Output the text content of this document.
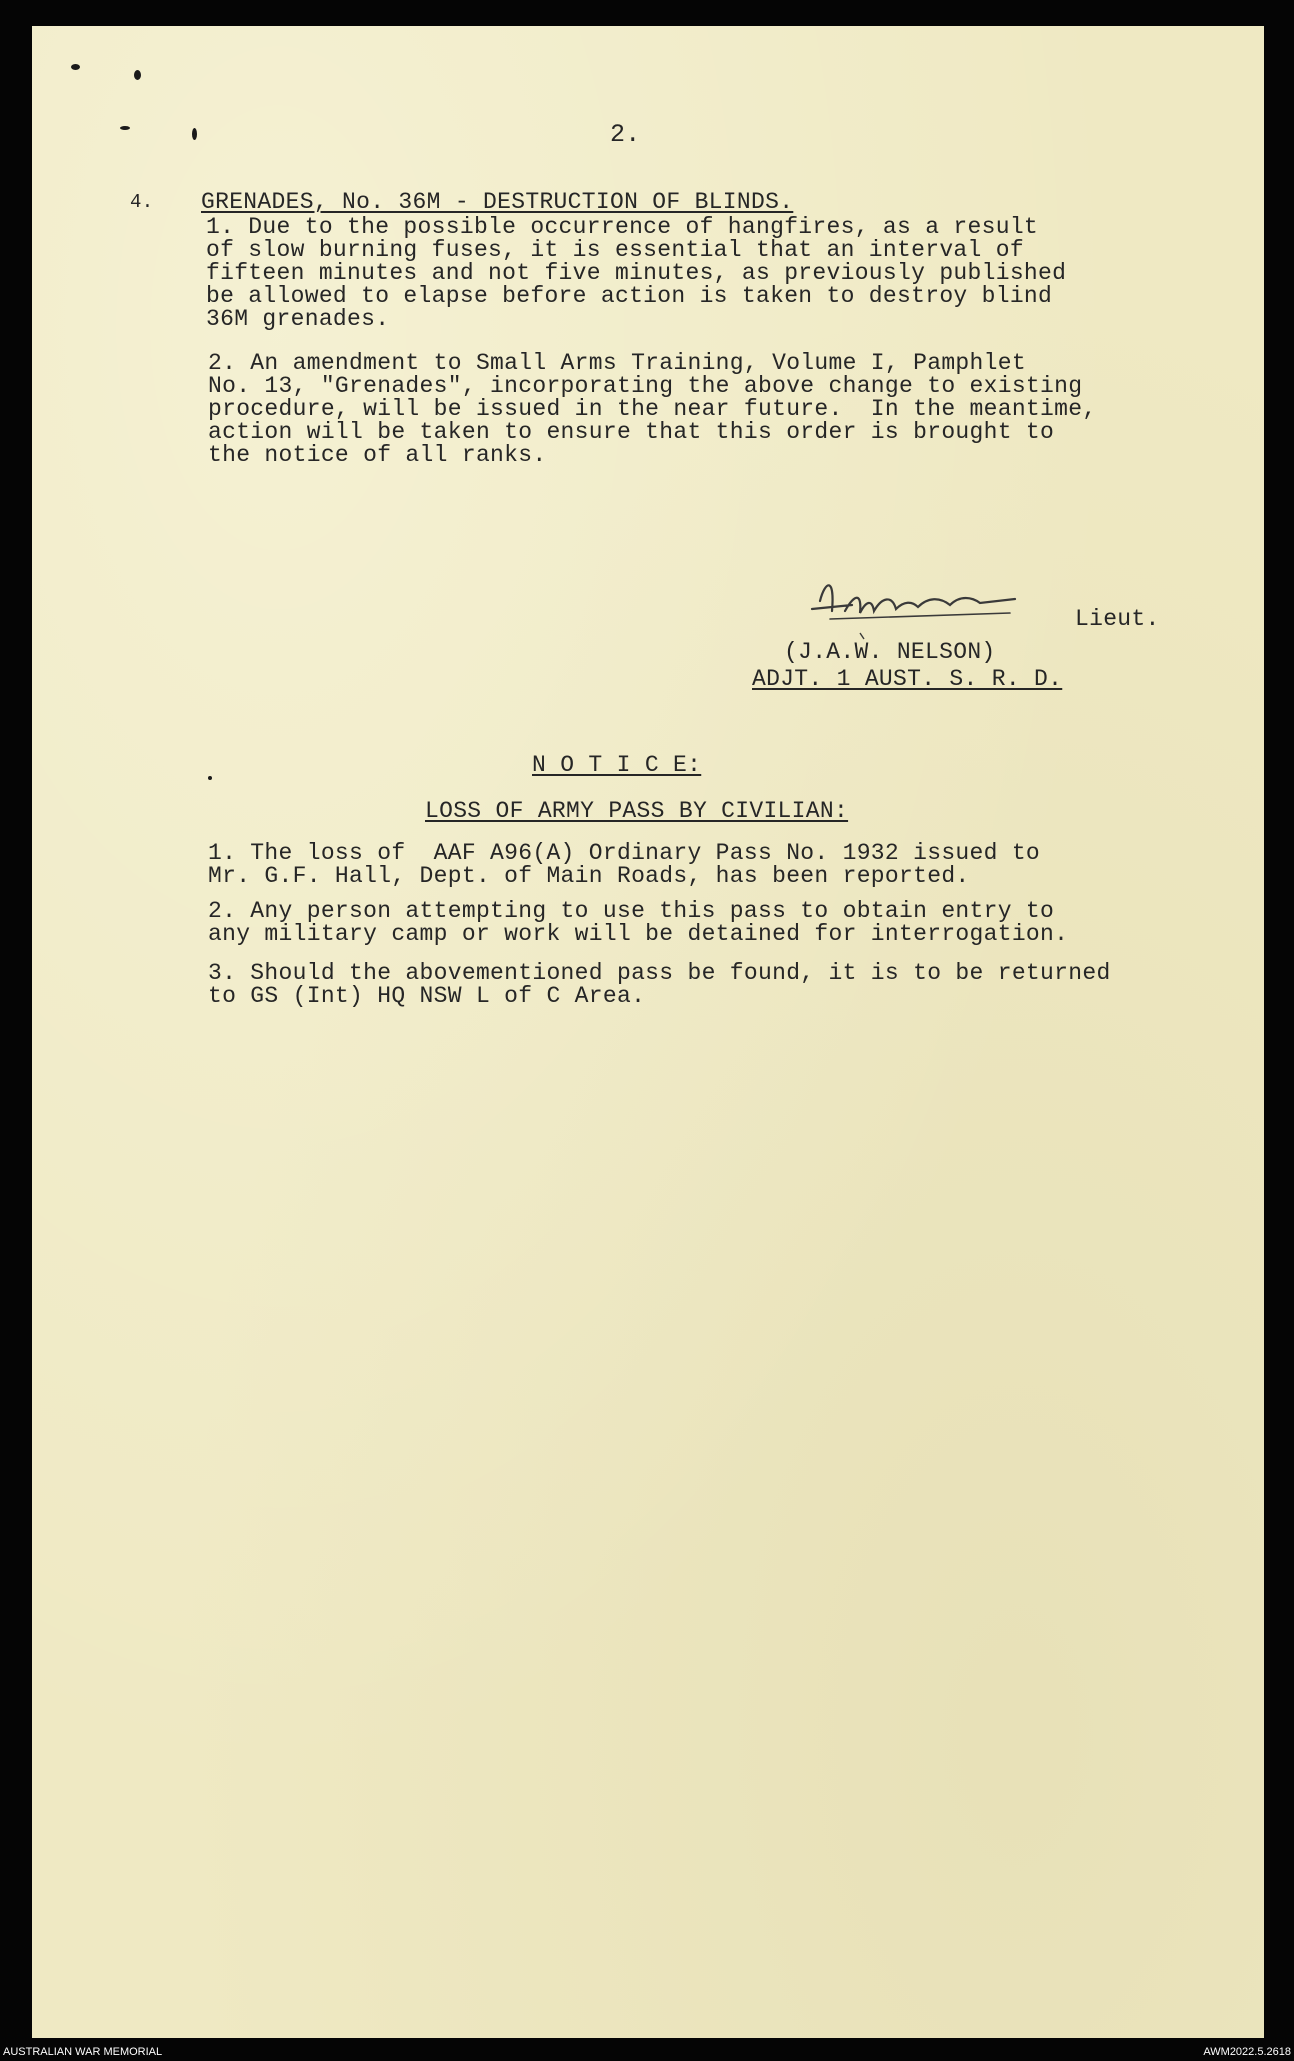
2.
4. GRENADES, No. 36M - DESTRUCTION OF BLINDS.
1. Due to the possible occurrence of hangfires, as a result
of slow burning fuses, it is essential that an interval of
fifteen minutes and not five minutes, as previously published
be allowed to elapse before action is taken to destroy blind
36M grenades.
2. An amendment to Small Arms Training, Volume I, Pamphlet
No. 13, "Grenades", incorporating the above change to existing
procedure, will be issued in the near future.  In the meantime,
action will be taken to ensure that this order is brought to
the notice of all ranks.
Lieut.
(J.A.W. NELSON)
ADJT. 1 AUST. S. R. D.
N O T I C E:
LOSS OF ARMY PASS BY CIVILIAN:
1. The loss of  AAF A96(A) Ordinary Pass No. 1932 issued to
Mr. G.F. Hall, Dept. of Main Roads, has been reported.
2. Any person attempting to use this pass to obtain entry to
any military camp or work will be detained for interrogation.
3. Should the abovementioned pass be found, it is to be returned
to GS (Int) HQ NSW L of C Area.
AUSTRALIAN WAR MEMORIAL	AWM2022.5.2618
